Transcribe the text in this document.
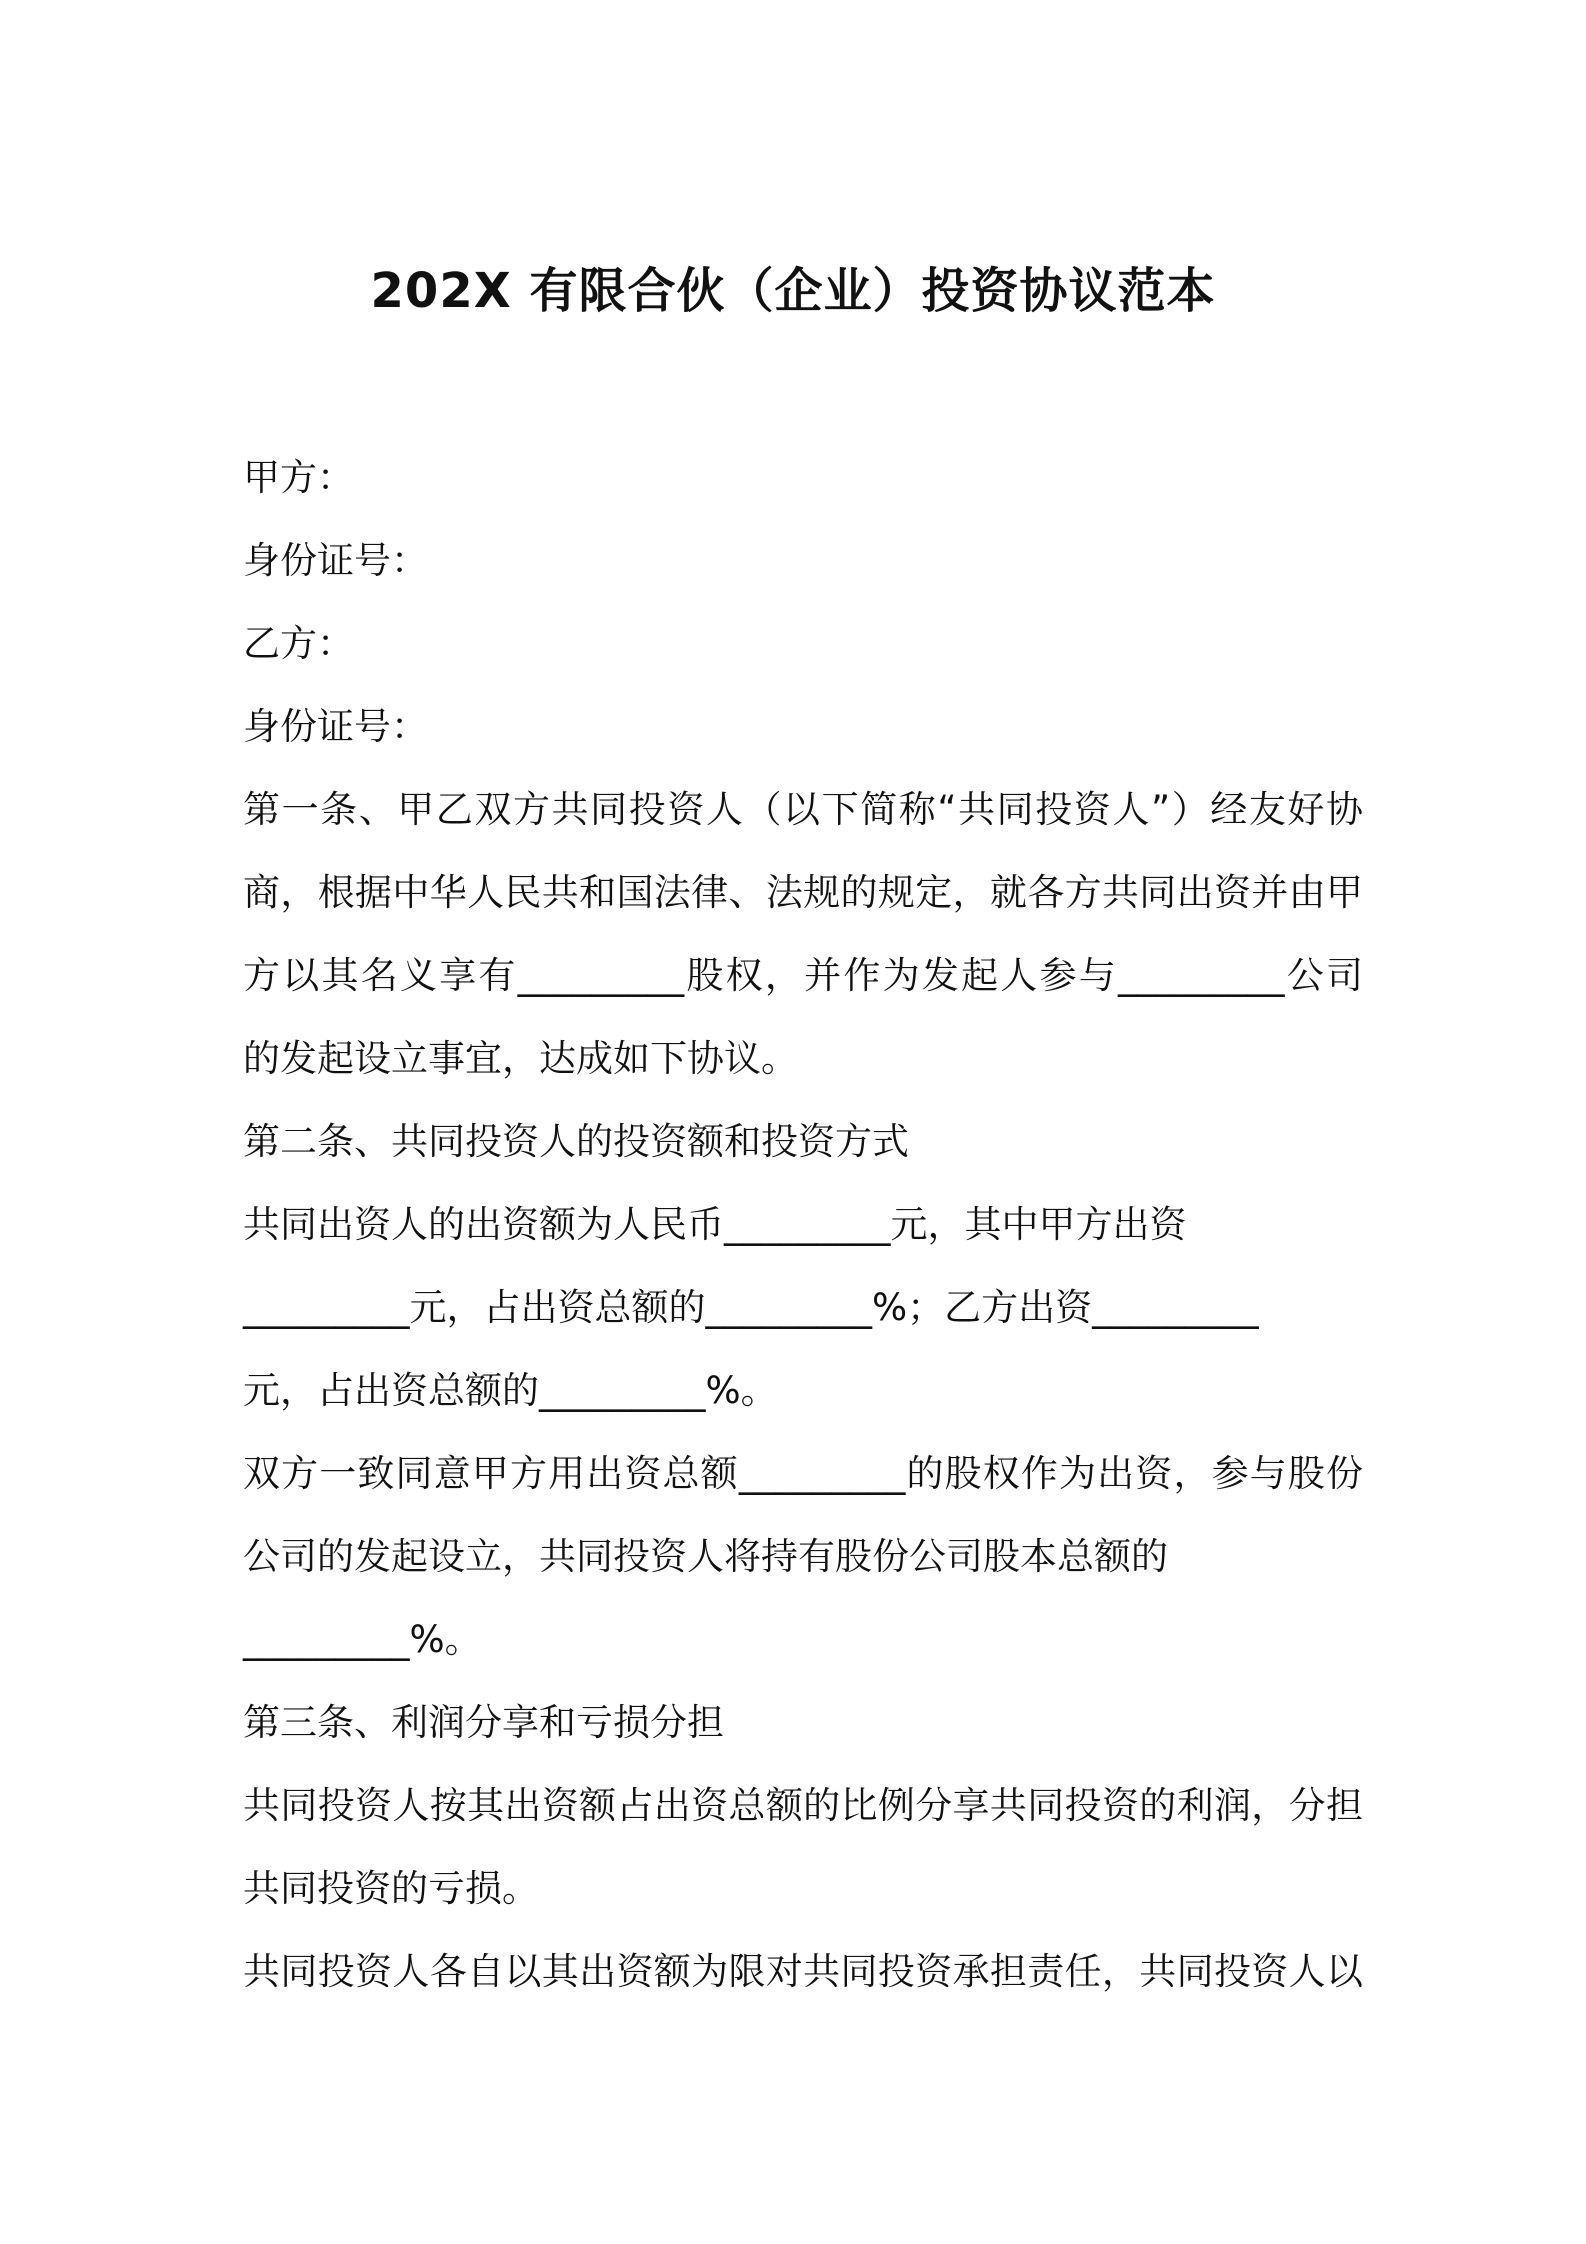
202X 有限合伙（企业）投资协议范本
甲方：
身份证号：
乙方：
身份证号：
第一条、甲乙双方共同投资人（以下简称“共同投资人”）经友好协
商，根据中华人民共和国法律、法规的规定，就各方共同出资并由甲
方以其名义享有_________股权，并作为发起人参与_________公司
的发起设立事宜，达成如下协议。
第二条、共同投资人的投资额和投资方式
共同出资人的出资额为人民币_________元，其中甲方出资
_________元，占出资总额的_________%；乙方出资_________
元，占出资总额的_________%。
双方一致同意甲方用出资总额_________的股权作为出资，参与股份
公司的发起设立，共同投资人将持有股份公司股本总额的
_________%。
第三条、利润分享和亏损分担
共同投资人按其出资额占出资总额的比例分享共同投资的利润，分担
共同投资的亏损。
共同投资人各自以其出资额为限对共同投资承担责任，共同投资人以
